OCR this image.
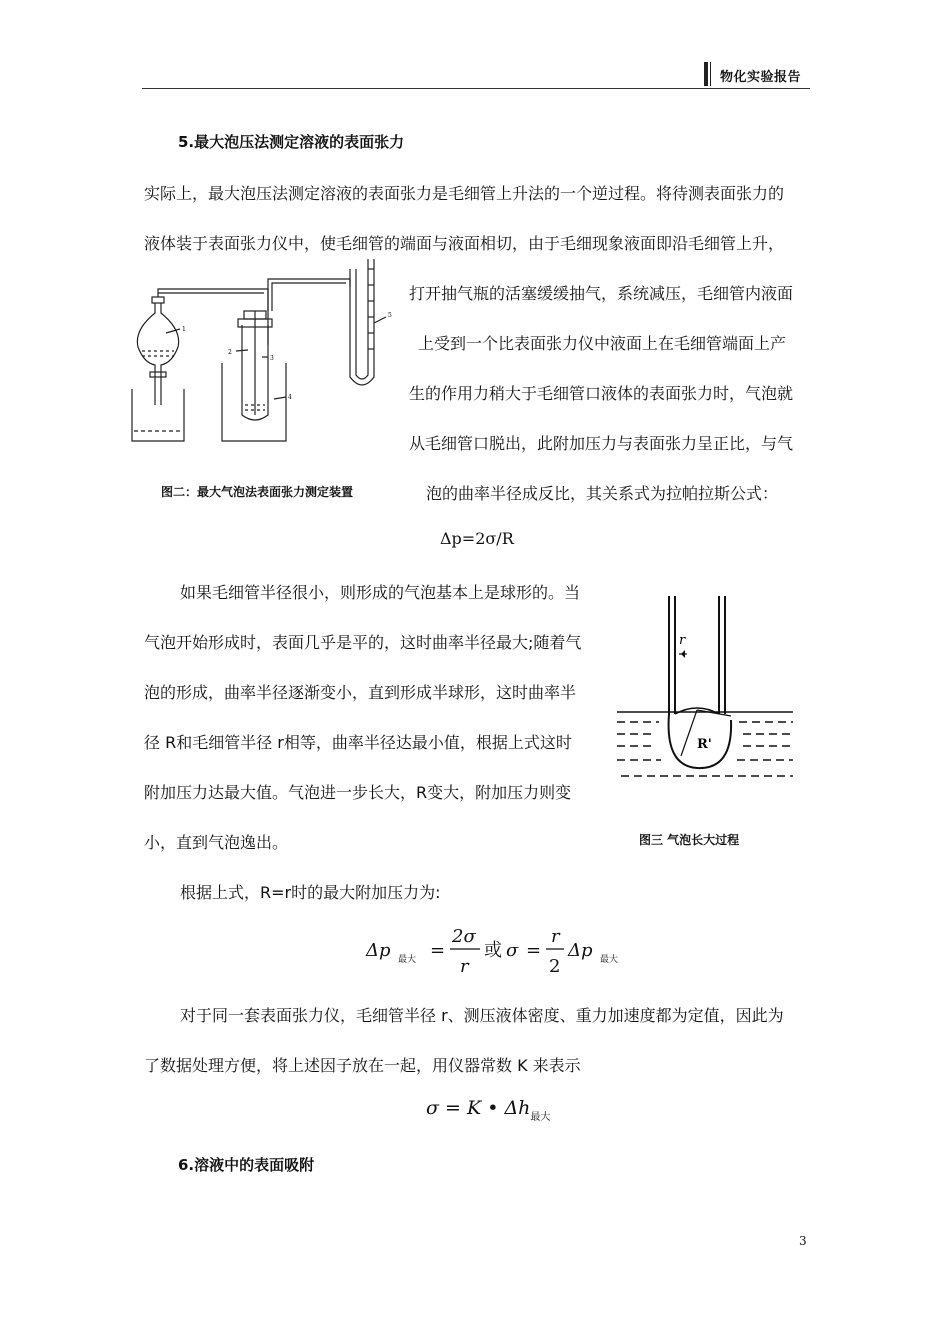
物化实验报告
5.最大泡压法测定溶液的表面张力
实际上，最大泡压法测定溶液的表面张力是毛细管上升法的一个逆过程。将待测表面张力的
液体装于表面张力仪中，使毛细管的端面与液面相切，由于毛细现象液面即沿毛细管上升，
打开抽气瓶的活塞缓缓抽气，系统减压，毛细管内液面
上受到一个比表面张力仪中液面上在毛细管端面上产
生的作用力稍大于毛细管口液体的表面张力时，气泡就
从毛细管口脱出，此附加压力与表面张力呈正比，与气
泡的曲率半径成反比，其关系式为拉帕拉斯公式：
1
2
3
4
5
图二：最大气泡法表面张力测定装置
Δp=2σ/R
如果毛细管半径很小，则形成的气泡基本上是球形的。当
气泡开始形成时，表面几乎是平的，这时曲率半径最大;随着气
泡的形成，曲率半径逐渐变小，直到形成半球形，这时曲率半
径 R和毛细管半径 r相等，曲率半径达最小值，根据上式这时
附加压力达最大值。气泡进一步长大，R变大，附加压力则变
小，直到气泡逸出。
r
R'
图三 气泡长大过程
根据上式，R=r时的最大附加压力为:
Δp 最大 =
2σ
r
或 σ =
r
2
Δp 最大
对于同一套表面张力仪，毛细管半径 r、测压液体密度、重力加速度都为定值，因此为
了数据处理方便，将上述因子放在一起，用仪器常数 K 来表示
σ = K • $\Delta h_{最大}$
6.溶液中的表面吸附
3
